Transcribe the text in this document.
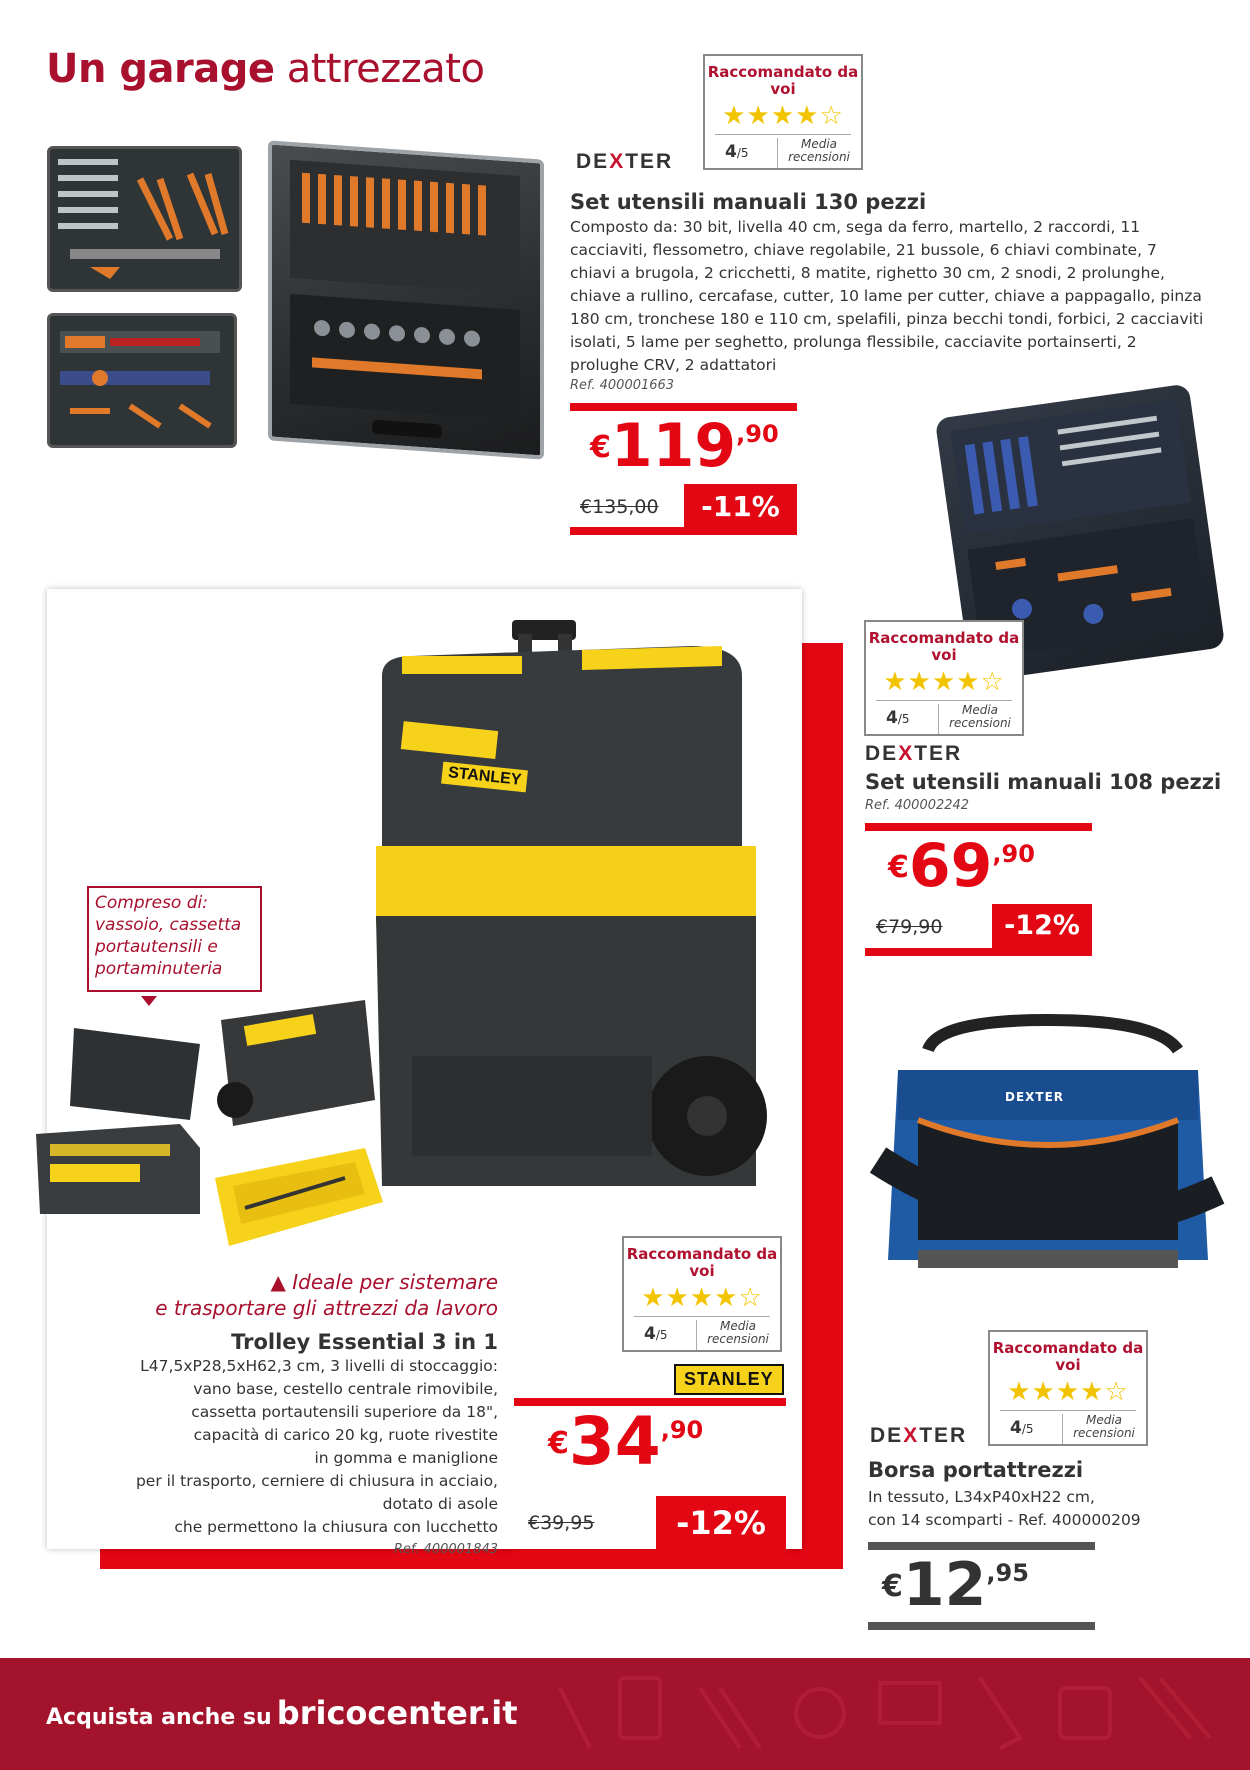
Un garage attrezzato	Raccomandato da voi
★★★★☆
4/5
Media recensioni
DEXTER
Set utensili manuali 130 pezzi
Composto da: 30 bit, livella 40 cm, sega da ferro, martello, 2 raccordi, 11 cacciaviti, flessometro, chiave regolabile, 21 bussole, 6 chiavi combinate, 7 chiavi a brugola, 2 cricchetti, 8 matite, righetto 30 cm, 2 snodi, 2 prolunghe, chiave a rullino, cercafase, cutter, 10 lame per cutter, chiave a pappagallo, pinza 180 cm, tronchese 180 e 110 cm, spelafili, pinza becchi tondi, forbici, 2 cacciaviti isolati, 5 lame per seghetto, prolunga flessibile, cacciavite portainserti, 2 prolughe CRV, 2 adattatori
Ref. 400001663
€119,90
€135,00	-11%
Raccomandato da voi
★★★★☆
4/5
Media recensioni
DEXTER
Set utensili manuali 108 pezzi
Ref. 400002242
€69,90
€79,90	-12%
STANLEY
Compreso di: vassoio, cassetta portautensili e portaminuteria
Raccomandato da voi
★★★★☆
4/5
Media recensioni
▲ Ideale per sistemare
e trasportare gli attrezzi da lavoro
Trolley Essential 3 in 1
L47,5xP28,5xH62,3 cm, 3 livelli di stoccaggio:
vano base, cestello centrale rimovibile,
cassetta portautensili superiore da 18",
capacità di carico 20 kg, ruote rivestite
in gomma e maniglione
per il trasporto, cerniere di chiusura in acciaio,
dotato di asole
che permettono la chiusura con lucchetto
Ref. 400001843
STANLEY
€34,90
€39,95	-12%
DEXTER
Raccomandato da voi
★★★★☆
4/5
Media recensioni
DEXTER
Borsa portattrezzi
In tessuto, L34xP40xH22 cm,
con 14 scomparti - Ref. 400000209
€12,95
Acquista anche su bricocenter.it
